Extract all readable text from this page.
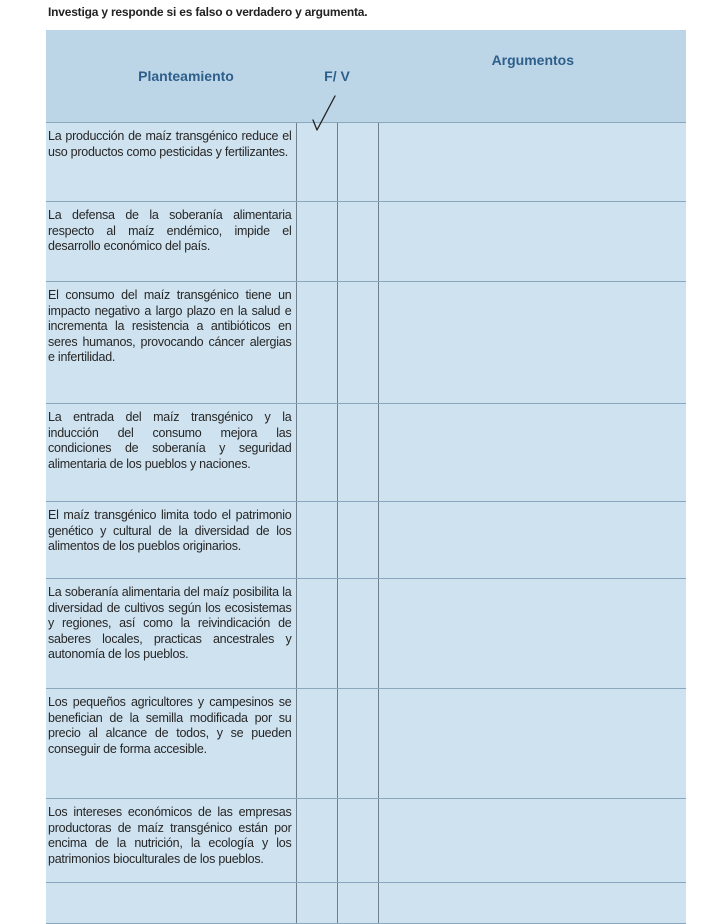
Investiga y responde si es falso o verdadero y argumenta.
Planteamiento	F/ V		Argumentos
La producción de maíz transgénico reduce el uso productos como pesticidas y fertilizantes.			
La defensa de la soberanía alimentaria respecto al maíz endémico, impide el desarrollo económico del país.			
El consumo del maíz transgénico tiene un impacto negativo a largo plazo en la salud e incrementa la resistencia a antibióticos en seres humanos, provocando cáncer alergias e infertilidad.			
La entrada del maíz transgénico y la inducción del consumo mejora las condiciones de soberanía y seguridad alimentaria de los pueblos y naciones.			
El maíz transgénico limita todo el patrimonio genético y cultural de la diversidad de los alimentos de los pueblos originarios.			
La soberanía alimentaria del maíz posibilita la diversidad de cultivos según los ecosistemas y regiones, así como la reivindicación de saberes locales, practicas ancestrales y autonomía de los pueblos.			
Los pequeños agricultores y campesinos se benefician de la semilla modificada por su precio al alcance de todos, y se pueden conseguir de forma accesible.			
Los intereses económicos de las empresas productoras de maíz transgénico están por encima de la nutrición, la ecología y los patrimonios bioculturales de los pueblos.			
